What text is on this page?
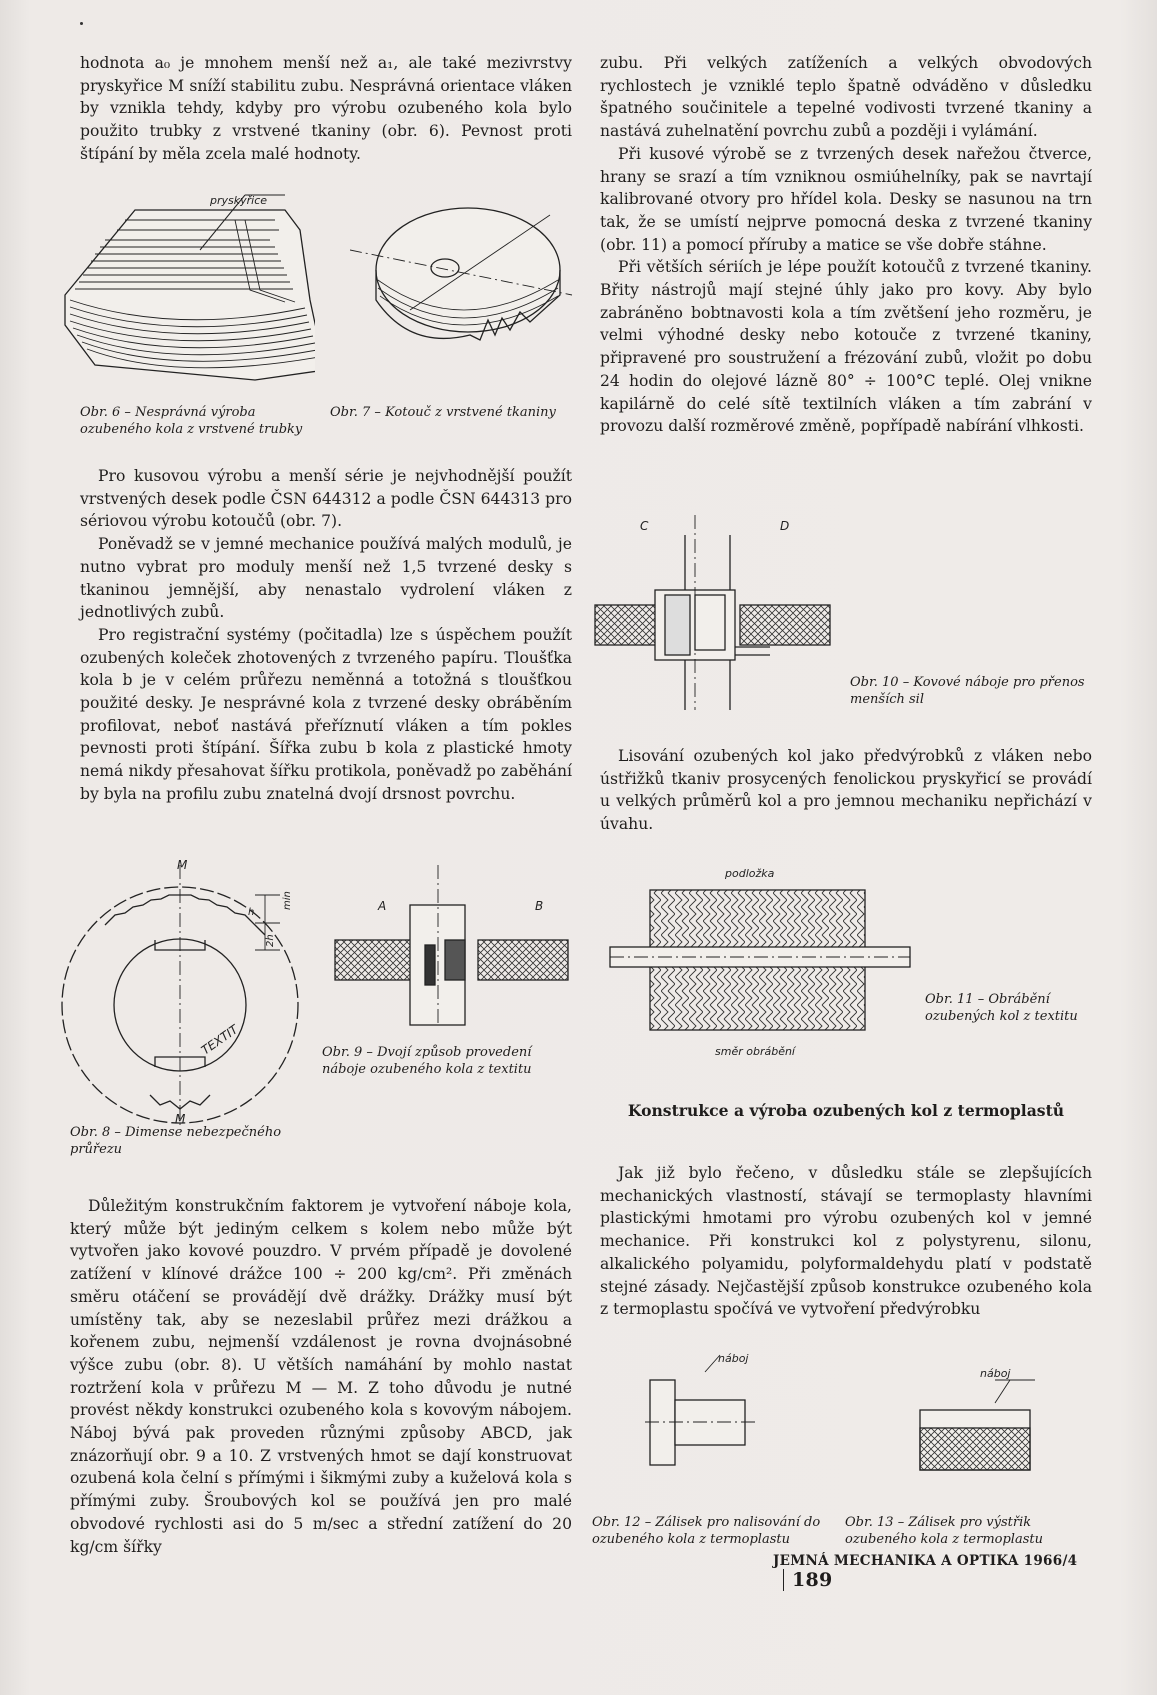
hodnota a₀ je mnohem menší než a₁, ale také mezivrstvy pryskyřice M sníží stabilitu zubu. Nesprávná orientace vláken by vznikla tehdy, kdyby pro výrobu ozubeného kola bylo použito trubky z vrstvené tkaniny (obr. 6). Pevnost proti štípání by měla zcela malé hodnoty.

pryskyřice
Obr. 6 – Nesprávná výroba ozubeného kola z vrstvené trubky
Obr. 7 – Kotouč z vrstvené tkaniny

Pro kusovou výrobu a menší série je nejvhodnější použít vrstvených desek podle ČSN 644312 a podle ČSN 644313 pro sériovou výrobu kotoučů (obr. 7).

Poněvadž se v jemné mechanice používá malých modulů, je nutno vybrat pro moduly menší než 1,5 tvrzené desky s tkaninou jemnější, aby nenastalo vydrolení vláken z jednotlivých zubů.

Pro registrační systémy (počitadla) lze s úspěchem použít ozubených koleček zhotovených z tvrzeného papíru. Tloušťka kola b je v celém průřezu neměnná a totožná s tloušťkou použité desky. Je nesprávné kola z tvrzené desky obráběním profilovat, neboť nastává přeříznutí vláken a tím pokles pevnosti proti štípání. Šířka zubu b kola z plastické hmoty nemá nikdy přesahovat šířku protikola, poněvadž po zaběhání by byla na profilu zubu znatelná dvojí drsnost povrchu.

M
M
min
h
2h
TEXTIT
A	B
Obr. 9 – Dvojí způsob provedení náboje ozubeného kola z textitu
Obr. 8 – Dimense nebezpečného průřezu

Důležitým konstrukčním faktorem je vytvoření náboje kola, který může být jediným celkem s kolem nebo může být vytvořen jako kovové pouzdro. V prvém případě je dovolené zatížení v klínové drážce 100 ÷ 200 kg/cm². Při změnách směru otáčení se provádějí dvě drážky. Drážky musí být umístěny tak, aby se nezeslabil průřez mezi drážkou a kořenem zubu, nejmenší vzdálenost je rovna dvojnásobné výšce zubu (obr. 8). U větších namáhání by mohlo nastat roztržení kola v průřezu M — M. Z toho důvodu je nutné provést někdy konstrukci ozubeného kola s kovovým nábojem. Náboj bývá pak proveden různými způsoby ABCD, jak znázorňují obr. 9 a 10. Z vrstvených hmot se dají konstruovat ozubená kola čelní s přímými i šikmými zuby a kuželová kola s přímými zuby. Šroubových kol se používá jen pro malé obvodové rychlosti asi do 5 m/sec a střední zatížení do 20 kg/cm šířky

zubu. Při velkých zatíženích a velkých obvodových rychlostech je vzniklé teplo špatně odváděno v důsledku špatného součinitele a tepelné vodivosti tvrzené tkaniny a nastává zuhelnatění povrchu zubů a později i vylámání.

Při kusové výrobě se z tvrzených desek nařežou čtverce, hrany se srazí a tím vzniknou osmiúhelníky, pak se navrtají kalibrované otvory pro hřídel kola. Desky se nasunou na trn tak, že se umístí nejprve pomocná deska z tvrzené tkaniny (obr. 11) a pomocí příruby a matice se vše dobře stáhne.

Při větších sériích je lépe použít kotoučů z tvrzené tkaniny. Břity nástrojů mají stejné úhly jako pro kovy. Aby bylo zabráněno bobtnavosti kola a tím zvětšení jeho rozměru, je velmi výhodné desky nebo kotouče z tvrzené tkaniny, připravené pro soustružení a frézování zubů, vložit po dobu 24 hodin do olejové lázně 80° ÷ 100°C teplé. Olej vnikne kapilárně do celé sítě textilních vláken a tím zabrání v provozu další rozměrové změně, popřípadě nabírání vlhkosti.

C	D
Obr. 10 – Kovové náboje pro přenos menších sil

Lisování ozubených kol jako předvýrobků z vláken nebo ústřižků tkaniv prosycených fenolickou pryskyřicí se provádí u velkých průměrů kol a pro jemnou mechaniku nepřichází v úvahu.

podložka
směr obrábění
Obr. 11 – Obrábění ozubených kol z textitu
Konstrukce a výroba ozubených kol z termoplastů

Jak již bylo řečeno, v důsledku stále se zlepšujících mechanických vlastností, stávají se termoplasty hlavními plastickými hmotami pro výrobu ozubených kol v jemné mechanice. Při konstrukci kol z polystyrenu, silonu, alkalického polyamidu, polyformaldehydu platí v podstatě stejné zásady. Nejčastější způsob konstrukce ozubeného kola z termoplastu spočívá ve vytvoření předvýrobku

náboj
náboj
Obr. 12 – Zálisek pro nalisování do ozubeného kola z termoplastu
Obr. 13 – Zálisek pro výstřik ozubeného kola z termoplastu
JEMNÁ MECHANIKA A OPTIKA 1966/4189
